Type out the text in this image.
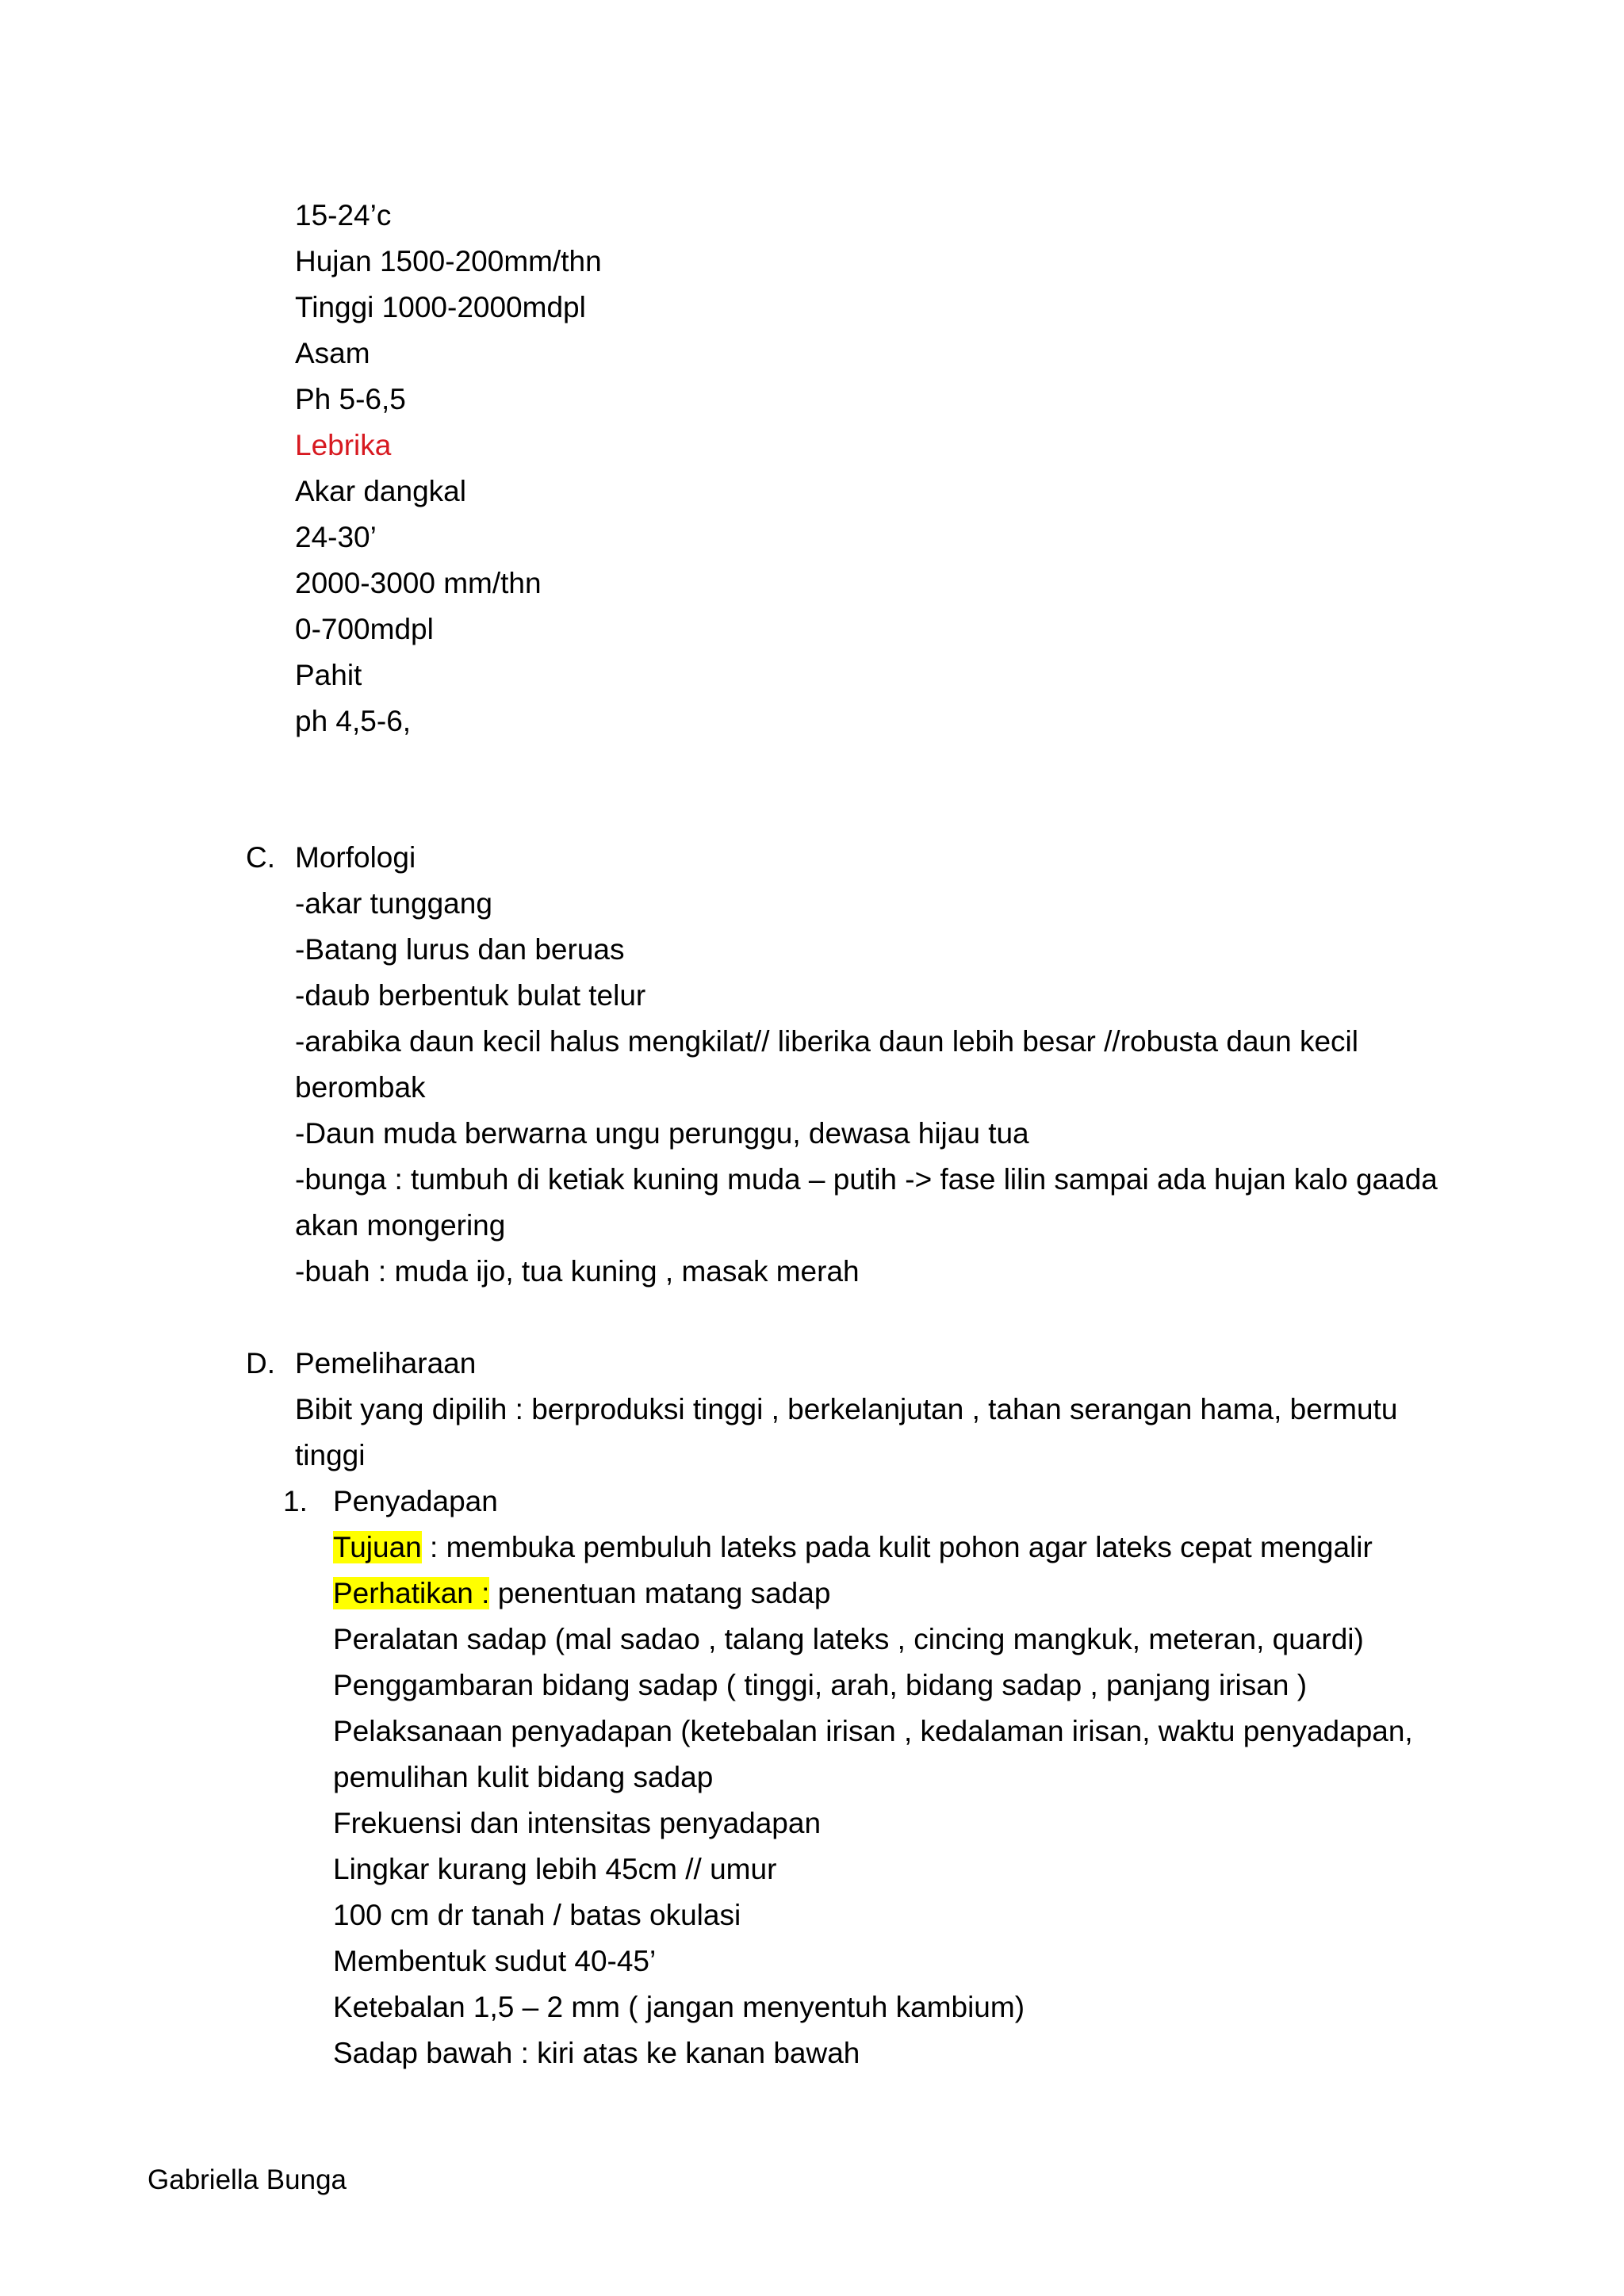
15-24’c
Hujan 1500-200mm/thn
Tinggi 1000-2000mdpl
Asam
Ph 5-6,5
Lebrika
Akar dangkal
24-30’
2000-3000 mm/thn
0-700mdpl
Pahit
ph 4,5-6,
C. Morfologi
-akar tunggang
-Batang lurus dan beruas
-daub berbentuk bulat telur
-arabika daun kecil halus mengkilat// liberika daun lebih besar //robusta daun kecil
berombak
-Daun muda berwarna ungu perunggu, dewasa hijau tua
-bunga : tumbuh di ketiak kuning muda – putih -> fase lilin sampai ada hujan kalo gaada
akan mongering
-buah : muda ijo, tua kuning , masak merah
D. Pemeliharaan
Bibit yang dipilih : berproduksi tinggi , berkelanjutan , tahan serangan hama, bermutu
tinggi
1. Penyadapan
Tujuan : membuka pembuluh lateks pada kulit pohon agar lateks cepat mengalir
Perhatikan : penentuan matang sadap
Peralatan sadap (mal sadao , talang lateks , cincing mangkuk, meteran, quardi)
Penggambaran bidang sadap ( tinggi, arah, bidang sadap , panjang irisan )
Pelaksanaan penyadapan (ketebalan irisan , kedalaman irisan, waktu penyadapan,
pemulihan kulit bidang sadap
Frekuensi dan intensitas penyadapan
Lingkar kurang lebih 45cm // umur
100 cm dr tanah / batas okulasi
Membentuk sudut 40-45’
Ketebalan 1,5 – 2 mm ( jangan menyentuh kambium)
Sadap bawah : kiri atas ke kanan bawah
Gabriella Bunga
